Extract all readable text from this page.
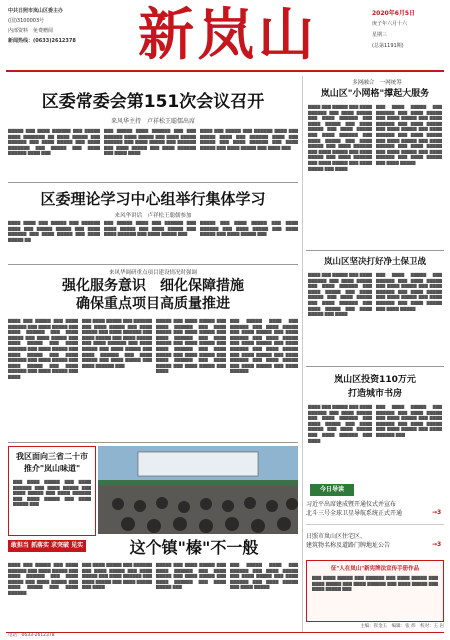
中共日照市岚山区委主办
(国)3100003号
内部资料　免费赠阅
新闻热线：(0633)2612378	新岚山	2020年6月5日
庚子年六月十六
星期三
(总第1191期)
区委常委会第151次会议召开
来风华主持　卢祥松王聪儒出席
▇▇▇▇▇ ▇▇▇ ▇▇▇▇ ▇▇▇▇▇▇ ▇▇▇ ▇▇▇▇▇ ▇▇▇▇ ▇▇▇▇▇▇▇ ▇▇ ▇▇▇▇ ▇▇▇▇▇ ▇▇▇ ▇▇▇▇▇▇ ▇▇▇ ▇▇▇▇ ▇▇▇▇▇ ▇▇▇ ▇▇▇▇ ▇▇▇▇▇▇▇ ▇▇▇ ▇▇▇▇▇ ▇▇▇ ▇▇▇▇ ▇▇▇▇▇▇ ▇▇▇▇ ▇▇▇
▇▇▇ ▇▇▇▇▇ ▇▇▇▇ ▇▇▇▇▇▇ ▇▇▇ ▇▇▇ ▇▇▇▇▇▇ ▇▇▇▇ ▇▇▇▇▇ ▇▇▇ ▇▇▇▇ ▇▇▇▇▇ ▇▇▇▇▇▇ ▇▇▇ ▇▇▇▇ ▇▇▇▇▇ ▇▇▇ ▇▇▇▇▇▇ ▇▇▇ ▇▇▇▇ ▇▇▇▇▇ ▇▇▇ ▇▇▇▇ ▇▇▇▇▇▇ ▇▇▇ ▇▇▇▇ ▇▇▇▇
▇▇▇▇ ▇▇▇ ▇▇▇▇▇ ▇▇▇ ▇▇▇▇▇▇ ▇▇▇▇ ▇▇▇ ▇▇▇▇▇ ▇▇▇▇ ▇▇▇ ▇▇▇▇▇▇ ▇▇▇▇ ▇▇▇ ▇▇▇▇▇ ▇▇▇ ▇▇▇▇ ▇▇▇▇▇▇ ▇▇▇ ▇▇▇▇ ▇▇▇▇▇ ▇▇▇ ▇▇▇▇ ▇▇▇▇▇ ▇▇▇ ▇▇▇▇ ▇▇▇
区委理论学习中心组举行集体学习
来风华讲话　卢祥松王聪儒参加
▇▇▇▇ ▇▇▇▇ ▇▇▇ ▇▇▇▇▇ ▇▇▇ ▇▇▇▇▇▇ ▇▇▇▇ ▇▇▇ ▇▇▇▇▇ ▇▇▇▇▇ ▇▇▇ ▇▇▇▇ ▇▇▇▇▇▇ ▇▇▇ ▇▇▇▇ ▇▇▇▇▇ ▇▇▇ ▇▇▇▇ ▇▇▇▇▇ ▇▇
▇▇▇ ▇▇▇▇▇ ▇▇▇▇ ▇▇▇ ▇▇▇▇▇▇ ▇▇▇ ▇▇▇▇ ▇▇▇▇▇ ▇▇▇ ▇▇▇▇ ▇▇▇▇▇ ▇▇▇ ▇▇▇▇ ▇▇▇▇▇▇ ▇▇▇ ▇▇▇▇ ▇▇▇▇▇ ▇▇▇
▇▇▇▇▇ ▇▇▇ ▇▇▇▇ ▇▇▇▇▇ ▇▇▇ ▇▇▇▇ ▇▇▇▇▇▇ ▇▇▇ ▇▇▇▇ ▇▇▇▇▇ ▇▇▇ ▇▇▇▇ ▇▇▇▇▇ ▇▇▇ ▇▇▇▇ ▇▇▇▇▇ ▇▇▇
来风华调研重点项目建设情况时强调
强化服务意识　细化保障措施
确保重点项目高质量推进
▇▇▇▇ ▇▇▇ ▇▇▇▇▇ ▇▇▇ ▇▇▇▇ ▇▇▇▇▇▇ ▇▇▇ ▇▇▇▇ ▇▇▇▇▇ ▇▇▇ ▇▇▇▇ ▇▇▇▇▇▇ ▇▇▇ ▇▇▇▇ ▇▇▇▇▇ ▇▇▇ ▇▇▇▇ ▇▇▇▇▇ ▇▇▇ ▇▇▇▇ ▇▇▇▇▇ ▇▇▇ ▇▇▇▇ ▇▇▇▇▇▇ ▇▇▇ ▇▇▇▇ ▇▇▇▇▇ ▇▇▇ ▇▇▇▇ ▇▇▇▇▇ ▇▇▇ ▇▇▇▇ ▇▇▇▇▇▇ ▇▇▇ ▇▇▇▇ ▇▇▇▇▇ ▇▇▇ ▇▇▇▇ ▇▇▇▇▇ ▇▇▇ ▇▇▇▇ ▇▇▇▇▇▇ ▇▇▇ ▇▇▇▇ ▇▇▇▇▇ ▇▇▇ ▇▇▇▇
▇▇▇ ▇▇▇▇ ▇▇▇▇▇ ▇▇▇ ▇▇▇▇▇▇ ▇▇▇ ▇▇▇▇ ▇▇▇▇▇ ▇▇▇ ▇▇▇▇ ▇▇▇▇▇ ▇▇▇ ▇▇▇▇ ▇▇▇▇▇▇ ▇▇▇ ▇▇▇▇ ▇▇▇▇▇ ▇▇▇ ▇▇▇▇ ▇▇▇▇▇ ▇▇▇ ▇▇▇▇ ▇▇▇▇▇▇ ▇▇▇ ▇▇▇▇ ▇▇▇▇▇ ▇▇▇ ▇▇▇▇ ▇▇▇▇▇ ▇▇▇ ▇▇▇▇ ▇▇▇▇▇▇ ▇▇▇ ▇▇▇▇ ▇▇▇▇▇ ▇▇▇ ▇▇▇▇ ▇▇▇▇▇ ▇▇▇ ▇▇▇▇ ▇▇▇▇▇▇ ▇▇▇
▇▇▇▇▇ ▇▇▇ ▇▇▇▇ ▇▇▇▇▇ ▇▇▇ ▇▇▇▇ ▇▇▇▇▇▇ ▇▇▇ ▇▇▇▇ ▇▇▇▇▇ ▇▇▇ ▇▇▇▇ ▇▇▇▇▇ ▇▇▇ ▇▇▇▇ ▇▇▇▇▇▇ ▇▇▇ ▇▇▇▇ ▇▇▇▇▇ ▇▇▇ ▇▇▇▇ ▇▇▇▇▇ ▇▇▇ ▇▇▇▇ ▇▇▇▇▇▇ ▇▇▇ ▇▇▇▇ ▇▇▇▇▇ ▇▇▇ ▇▇▇▇ ▇▇▇▇▇ ▇▇▇ ▇▇▇▇ ▇▇▇▇▇▇ ▇▇▇ ▇▇▇▇ ▇▇▇▇▇ ▇▇▇ ▇▇▇▇ ▇▇▇▇▇ ▇▇▇ ▇▇▇▇
▇▇▇ ▇▇▇▇▇ ▇▇▇▇ ▇▇▇ ▇▇▇▇▇▇ ▇▇▇ ▇▇▇▇ ▇▇▇▇▇ ▇▇▇ ▇▇▇▇ ▇▇▇▇▇ ▇▇▇ ▇▇▇▇ ▇▇▇▇▇▇ ▇▇▇ ▇▇▇▇ ▇▇▇▇▇ ▇▇▇ ▇▇▇▇ ▇▇▇▇▇ ▇▇▇ ▇▇▇▇ ▇▇▇▇▇▇ ▇▇▇ ▇▇▇▇ ▇▇▇▇▇ ▇▇▇ ▇▇▇▇ ▇▇▇▇▇ ▇▇▇ ▇▇▇▇ ▇▇▇▇▇▇ ▇▇▇ ▇▇▇▇ ▇▇▇▇▇ ▇▇▇ ▇▇▇▇ ▇▇▇▇▇ ▇▇▇ ▇▇▇▇ ▇▇▇▇▇▇
我区面向三省二十市
推介"岚山味道"
▇▇▇ ▇▇▇▇ ▇▇▇▇▇ ▇▇▇ ▇▇▇▇ ▇▇▇▇▇▇ ▇▇▇ ▇▇▇▇ ▇▇▇▇▇ ▇▇▇ ▇▇▇▇ ▇▇▇▇▇ ▇▇▇ ▇▇▇▇ ▇▇▇▇▇▇ ▇▇▇ ▇▇▇▇ ▇▇▇▇▇ ▇▇▇ ▇▇▇▇ ▇▇▇▇▇ ▇▇▇
敢担当 抓落实 求突破 见实效
这个镇"榛"不一般
▇▇▇▇ ▇▇▇ ▇▇▇▇▇ ▇▇▇ ▇▇▇▇ ▇▇▇▇▇▇ ▇▇▇ ▇▇▇▇ ▇▇▇▇▇ ▇▇▇ ▇▇▇▇ ▇▇▇▇▇▇ ▇▇▇ ▇▇▇▇ ▇▇▇▇▇ ▇▇▇ ▇▇▇▇ ▇▇▇▇▇ ▇▇▇ ▇▇▇▇ ▇▇▇▇▇ ▇▇▇ ▇▇▇▇ ▇▇▇▇▇▇
▇▇▇ ▇▇▇▇ ▇▇▇▇▇ ▇▇▇ ▇▇▇▇▇▇ ▇▇▇ ▇▇▇▇ ▇▇▇▇▇ ▇▇▇ ▇▇▇▇ ▇▇▇▇▇ ▇▇▇ ▇▇▇▇ ▇▇▇▇▇▇ ▇▇▇ ▇▇▇▇ ▇▇▇▇▇ ▇▇▇ ▇▇▇▇ ▇▇▇▇▇ ▇▇▇ ▇▇▇▇
▇▇▇▇▇ ▇▇▇ ▇▇▇▇ ▇▇▇▇▇ ▇▇▇ ▇▇▇▇ ▇▇▇▇▇▇ ▇▇▇ ▇▇▇▇ ▇▇▇▇▇ ▇▇▇ ▇▇▇▇ ▇▇▇▇▇ ▇▇▇ ▇▇▇▇ ▇▇▇▇▇▇ ▇▇▇ ▇▇▇▇ ▇▇▇▇▇ ▇▇▇
▇▇▇ ▇▇▇▇▇ ▇▇▇▇ ▇▇▇ ▇▇▇▇▇▇ ▇▇▇ ▇▇▇▇ ▇▇▇▇▇ ▇▇▇ ▇▇▇▇ ▇▇▇▇▇ ▇▇▇ ▇▇▇▇ ▇▇▇▇▇▇ ▇▇▇ ▇▇▇▇ ▇▇▇▇▇ ▇▇▇ ▇▇▇▇ ▇▇▇▇▇
多网融合　一网统筹
岚山区"小网格"撑起大服务
▇▇▇▇ ▇▇▇ ▇▇▇▇▇ ▇▇▇ ▇▇▇▇ ▇▇▇▇▇▇ ▇▇▇ ▇▇▇▇ ▇▇▇▇▇ ▇▇▇ ▇▇▇▇ ▇▇▇▇▇▇ ▇▇▇ ▇▇▇▇ ▇▇▇▇▇ ▇▇▇ ▇▇▇▇ ▇▇▇▇▇ ▇▇▇ ▇▇▇▇ ▇▇▇▇▇ ▇▇▇ ▇▇▇▇ ▇▇▇▇▇▇ ▇▇▇ ▇▇▇▇ ▇▇▇▇▇ ▇▇▇ ▇▇▇▇ ▇▇▇▇▇ ▇▇▇ ▇▇▇▇ ▇▇▇▇▇▇ ▇▇▇ ▇▇▇▇ ▇▇▇▇▇ ▇▇▇ ▇▇▇▇ ▇▇▇▇▇ ▇▇▇ ▇▇▇▇ ▇▇▇▇▇▇ ▇▇▇ ▇▇▇▇ ▇▇▇▇▇ ▇▇▇ ▇▇▇▇ ▇▇▇▇▇ ▇▇▇ ▇▇▇▇
▇▇▇ ▇▇▇▇ ▇▇▇▇▇ ▇▇▇ ▇▇▇▇▇▇ ▇▇▇ ▇▇▇▇ ▇▇▇▇▇ ▇▇▇ ▇▇▇▇ ▇▇▇▇▇ ▇▇▇ ▇▇▇▇ ▇▇▇▇▇▇ ▇▇▇ ▇▇▇▇ ▇▇▇▇▇ ▇▇▇ ▇▇▇▇ ▇▇▇▇▇ ▇▇▇ ▇▇▇▇ ▇▇▇▇▇▇ ▇▇▇ ▇▇▇▇ ▇▇▇▇▇ ▇▇▇ ▇▇▇▇ ▇▇▇▇▇ ▇▇▇ ▇▇▇▇ ▇▇▇▇▇▇ ▇▇▇ ▇▇▇▇ ▇▇▇▇▇ ▇▇▇ ▇▇▇▇ ▇▇▇▇▇ ▇▇▇ ▇▇▇▇ ▇▇▇▇▇▇ ▇▇▇ ▇▇▇▇ ▇▇▇▇▇ ▇▇▇ ▇▇▇▇ ▇▇▇▇▇
岚山区坚决打好净土保卫战
▇▇▇▇ ▇▇▇ ▇▇▇▇▇ ▇▇▇ ▇▇▇▇ ▇▇▇▇▇▇ ▇▇▇ ▇▇▇▇ ▇▇▇▇▇ ▇▇▇ ▇▇▇▇ ▇▇▇▇▇▇ ▇▇▇ ▇▇▇▇ ▇▇▇▇▇ ▇▇▇ ▇▇▇▇ ▇▇▇▇▇ ▇▇▇ ▇▇▇▇ ▇▇▇▇▇ ▇▇▇ ▇▇▇▇ ▇▇▇▇▇▇ ▇▇▇ ▇▇▇▇ ▇▇▇▇▇ ▇▇▇ ▇▇▇▇ ▇▇▇▇▇ ▇▇▇ ▇▇▇▇
▇▇▇ ▇▇▇▇ ▇▇▇▇▇ ▇▇▇ ▇▇▇▇▇▇ ▇▇▇ ▇▇▇▇ ▇▇▇▇▇ ▇▇▇ ▇▇▇▇ ▇▇▇▇▇ ▇▇▇ ▇▇▇▇ ▇▇▇▇▇▇ ▇▇▇ ▇▇▇▇ ▇▇▇▇▇ ▇▇▇ ▇▇▇▇ ▇▇▇▇▇ ▇▇▇ ▇▇▇▇ ▇▇▇▇▇▇ ▇▇▇ ▇▇▇▇ ▇▇▇▇▇ ▇▇▇ ▇▇▇▇ ▇▇▇▇▇
岚山区投资110万元
打造城市书房
▇▇▇▇ ▇▇▇ ▇▇▇▇▇ ▇▇▇ ▇▇▇▇ ▇▇▇▇▇▇ ▇▇▇ ▇▇▇▇ ▇▇▇▇▇ ▇▇▇ ▇▇▇▇ ▇▇▇▇▇▇ ▇▇▇ ▇▇▇▇ ▇▇▇▇▇ ▇▇▇ ▇▇▇▇ ▇▇▇▇▇ ▇▇▇ ▇▇▇▇ ▇▇▇▇▇ ▇▇▇ ▇▇▇▇ ▇▇▇▇▇▇ ▇▇▇ ▇▇▇▇
▇▇▇ ▇▇▇▇ ▇▇▇▇▇ ▇▇▇ ▇▇▇▇▇▇ ▇▇▇ ▇▇▇▇ ▇▇▇▇▇ ▇▇▇ ▇▇▇▇ ▇▇▇▇▇ ▇▇▇ ▇▇▇▇ ▇▇▇▇▇▇ ▇▇▇ ▇▇▇▇ ▇▇▇▇▇ ▇▇▇ ▇▇▇▇ ▇▇▇▇▇ ▇▇▇ ▇▇▇▇ ▇▇▇▇▇▇ ▇▇▇
今日导读
习近平出席建成暨开通仪式并宣布
北斗三号全球卫星导航系统正式开通	→3
日照市岚山区住宅区、
建筑物名称及道路门牌地址公告	→3
征"人在岚山"新宪牌法宣传手册作品
▇▇▇ ▇▇▇▇ ▇▇▇▇▇ ▇▇▇ ▇▇▇▇▇▇ ▇▇▇ ▇▇▇▇ ▇▇▇▇▇ ▇▇▇ ▇▇▇▇ ▇▇▇▇▇ ▇▇▇ ▇▇▇▇ ▇▇▇▇▇▇ ▇▇▇ ▇▇▇▇ ▇▇▇▇▇ ▇▇▇ ▇▇▇▇ ▇▇▇▇▇ ▇▇▇
主编：崔金玉　编辑：张 炜　校对：王 岩
电话：0633-2612378
